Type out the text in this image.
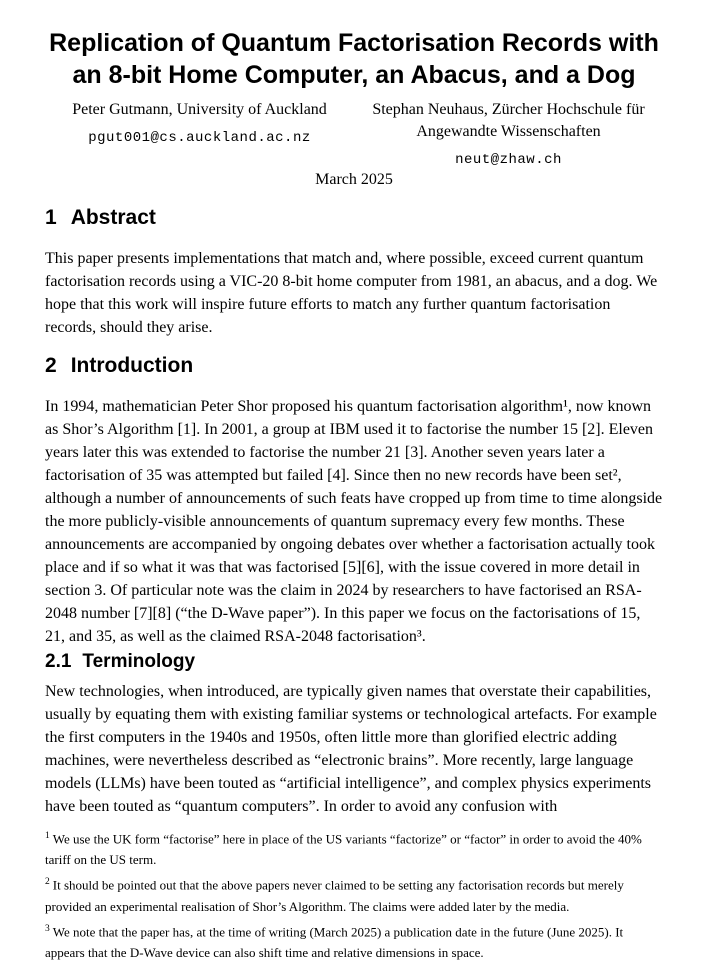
Replication of Quantum Factorisation Records with an 8-bit Home Computer, an Abacus, and a Dog
Peter Gutmann, University of Auckland
pgut001@cs.auckland.ac.nz
Stephan Neuhaus, Zürcher Hochschule für Angewandte Wissenschaften
neut@zhaw.ch
March 2025
1 Abstract

This paper presents implementations that match and, where possible, exceed current quantum factorisation records using a VIC-20 8-bit home computer from 1981, an abacus, and a dog. We hope that this work will inspire future efforts to match any further quantum factorisation records, should they arise.

2 Introduction

In 1994, mathematician Peter Shor proposed his quantum factorisation algorithm¹, now known as Shor’s Algorithm [1]. In 2001, a group at IBM used it to factorise the number 15 [2]. Eleven years later this was extended to factorise the number 21 [3]. Another seven years later a factorisation of 35 was attempted but failed [4]. Since then no new records have been set², although a number of announcements of such feats have cropped up from time to time alongside the more publicly-visible announcements of quantum supremacy every few months. These announcements are accompanied by ongoing debates over whether a factorisation actually took place and if so what it was that was factorised [5][6], with the issue covered in more detail in section 3. Of particular note was the claim in 2024 by researchers to have factorised an RSA-2048 number [7][8] (“the D-Wave paper”). In this paper we focus on the factorisations of 15, 21, and 35, as well as the claimed RSA-2048 factorisation³.

2.1 Terminology

New technologies, when introduced, are typically given names that overstate their capabilities, usually by equating them with existing familiar systems or technological artefacts. For example the first computers in the 1940s and 1950s, often little more than glorified electric adding machines, were nevertheless described as “electronic brains”. More recently, large language models (LLMs) have been touted as “artificial intelligence”, and complex physics experiments have been touted as “quantum computers”. In order to avoid any confusion with

$^1$ We use the UK form “factorise” here in place of the US variants “factorize” or “factor” in order to avoid the 40% tariff on the US term.

$^2$ It should be pointed out that the above papers never claimed to be setting any factorisation records but merely provided an experimental realisation of Shor’s Algorithm. The claims were added later by the media.

$^3$ We note that the paper has, at the time of writing (March 2025) a publication date in the future (June 2025). It appears that the D-Wave device can also shift time and relative dimensions in space.
